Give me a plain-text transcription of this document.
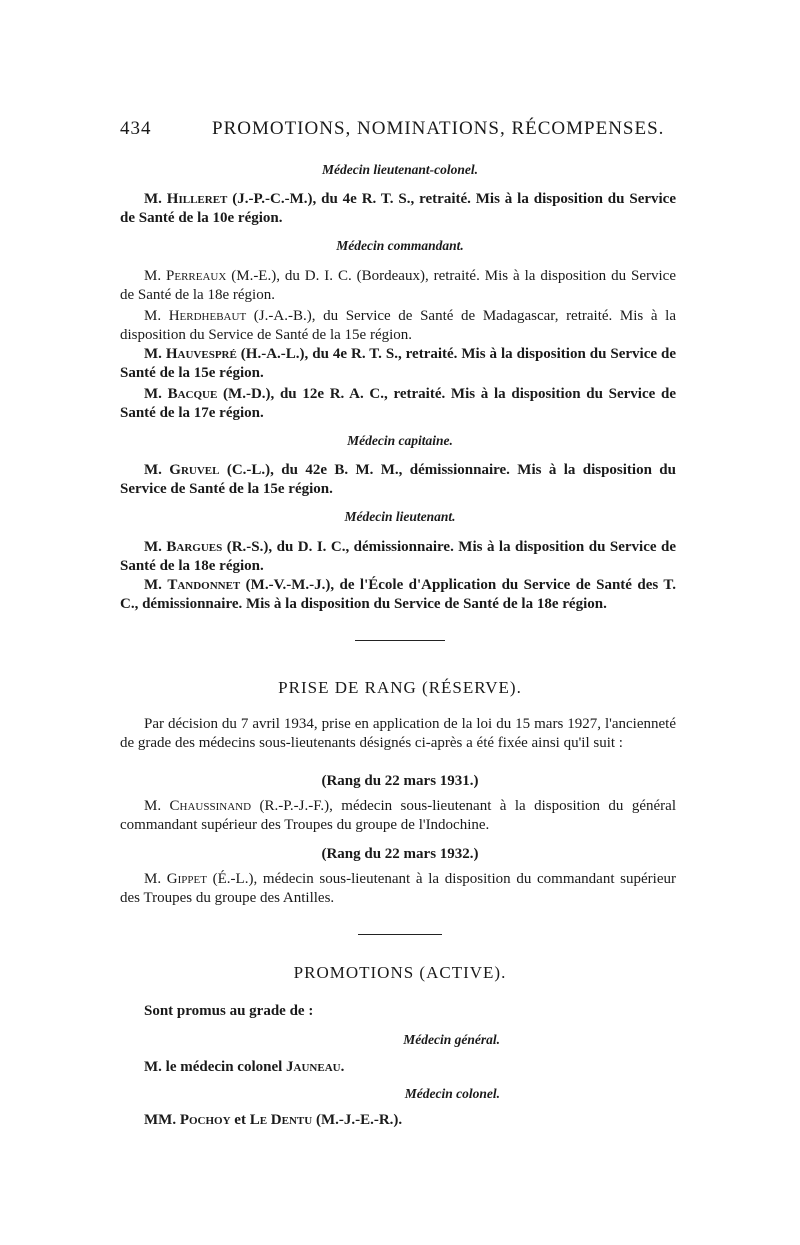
434	PROMOTIONS, NOMINATIONS, RÉCOMPENSES.
Médecin lieutenant-colonel.
M. Hilleret (J.-P.-C.-M.), du 4e R. T. S., retraité. Mis à la disposition du Service de Santé de la 10e région.
Médecin commandant.
M. Perreaux (M.-E.), du D. I. C. (Bordeaux), retraité. Mis à la disposition du Service de Santé de la 18e région.
M. Herdhebaut (J.-A.-B.), du Service de Santé de Madagascar, retraité. Mis à la disposition du Service de Santé de la 15e région.
M. Hauvespré (H.-A.-L.), du 4e R. T. S., retraité. Mis à la disposition du Service de Santé de la 15e région.
M. Bacque (M.-D.), du 12e R. A. C., retraité. Mis à la disposition du Service de Santé de la 17e région.
Médecin capitaine.
M. Gruvel (C.-L.), du 42e B. M. M., démissionnaire. Mis à la disposition du Service de Santé de la 15e région.
Médecin lieutenant.
M. Bargues (R.-S.), du D. I. C., démissionnaire. Mis à la disposition du Service de Santé de la 18e région.
M. Tandonnet (M.-V.-M.-J.), de l'École d'Application du Service de Santé des T. C., démissionnaire. Mis à la disposition du Service de Santé de la 18e région.
PRISE DE RANG (RÉSERVE).
Par décision du 7 avril 1934, prise en application de la loi du 15 mars 1927, l'ancienneté de grade des médecins sous-lieutenants désignés ci-après a été fixée ainsi qu'il suit :
(Rang du 22 mars 1931.)
M. Chaussinand (R.-P.-J.-F.), médecin sous-lieutenant à la disposition du général commandant supérieur des Troupes du groupe de l'Indochine.
(Rang du 22 mars 1932.)
M. Gippet (É.-L.), médecin sous-lieutenant à la disposition du commandant supérieur des Troupes du groupe des Antilles.
PROMOTIONS (ACTIVE).
Sont promus au grade de :
Médecin général.
M. le médecin colonel Jauneau.
Médecin colonel.
MM. Pochoy et Le Dentu (M.-J.-E.-R.).
